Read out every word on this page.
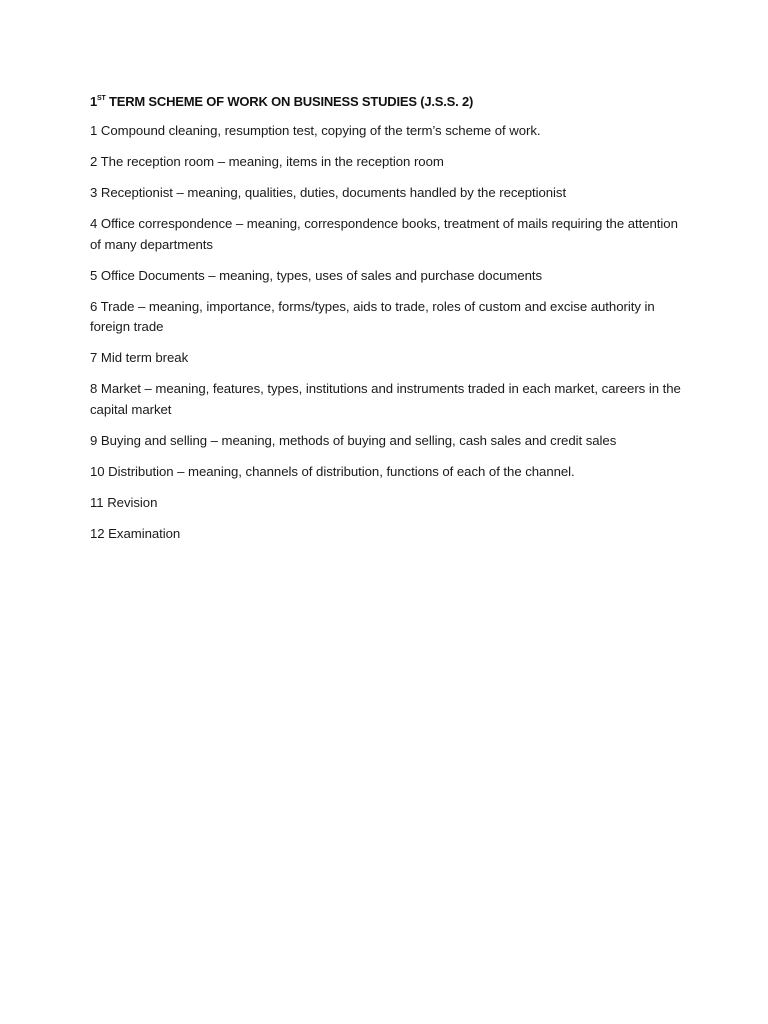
1ST TERM SCHEME OF WORK ON BUSINESS STUDIES (J.S.S. 2)
1 Compound cleaning, resumption test, copying of the term’s scheme of work.
2 The reception room – meaning, items in the reception room
3 Receptionist – meaning, qualities, duties, documents handled by the receptionist
4 Office correspondence – meaning, correspondence books, treatment of mails requiring the attention of many departments
5 Office Documents – meaning, types, uses of sales and purchase documents
6 Trade – meaning, importance, forms/types, aids to trade, roles of custom and excise authority in foreign trade
7 Mid term break
8 Market – meaning, features, types, institutions and instruments traded in each market, careers in the capital market
9 Buying and selling – meaning, methods of buying and selling, cash sales and credit sales
10 Distribution – meaning, channels of distribution, functions of each of the channel.
11 Revision
12 Examination
